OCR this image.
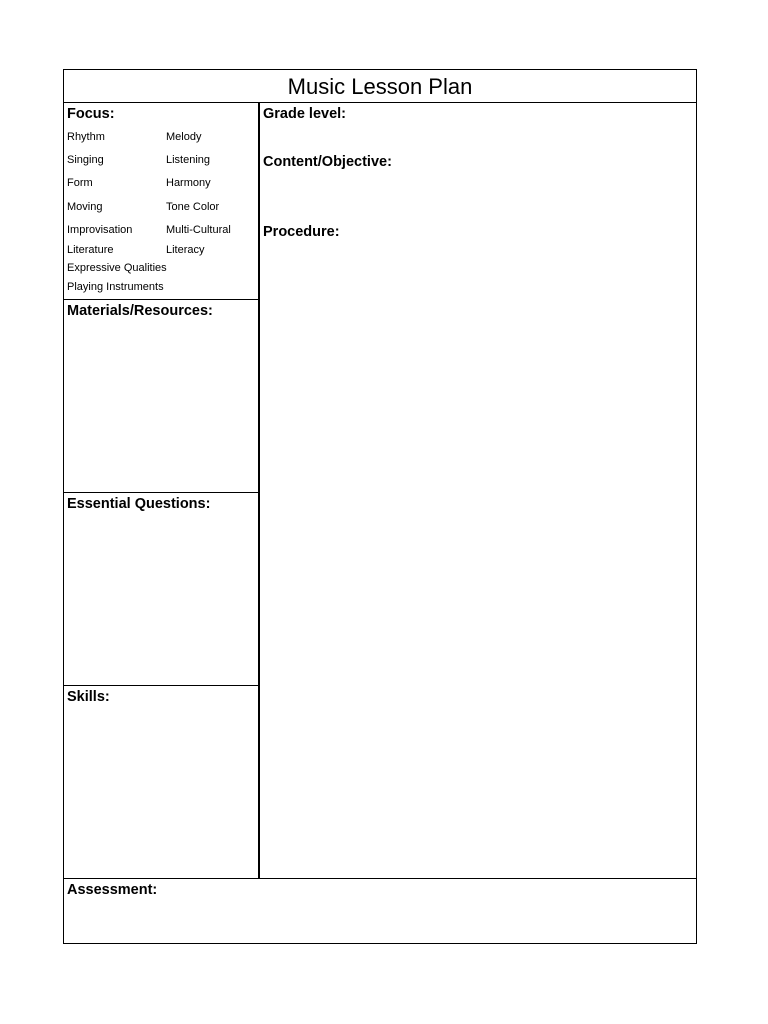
Music Lesson Plan
Focus:
Rhythm	Melody
Singing	Listening
Form	Harmony
Moving	Tone Color
Improvisation	Multi-Cultural
Literature	Literacy
Expressive Qualities
Playing Instruments
Materials/Resources:
Essential Questions:
Skills:
Grade level:
Content/Objective:
Procedure:
Assessment:
